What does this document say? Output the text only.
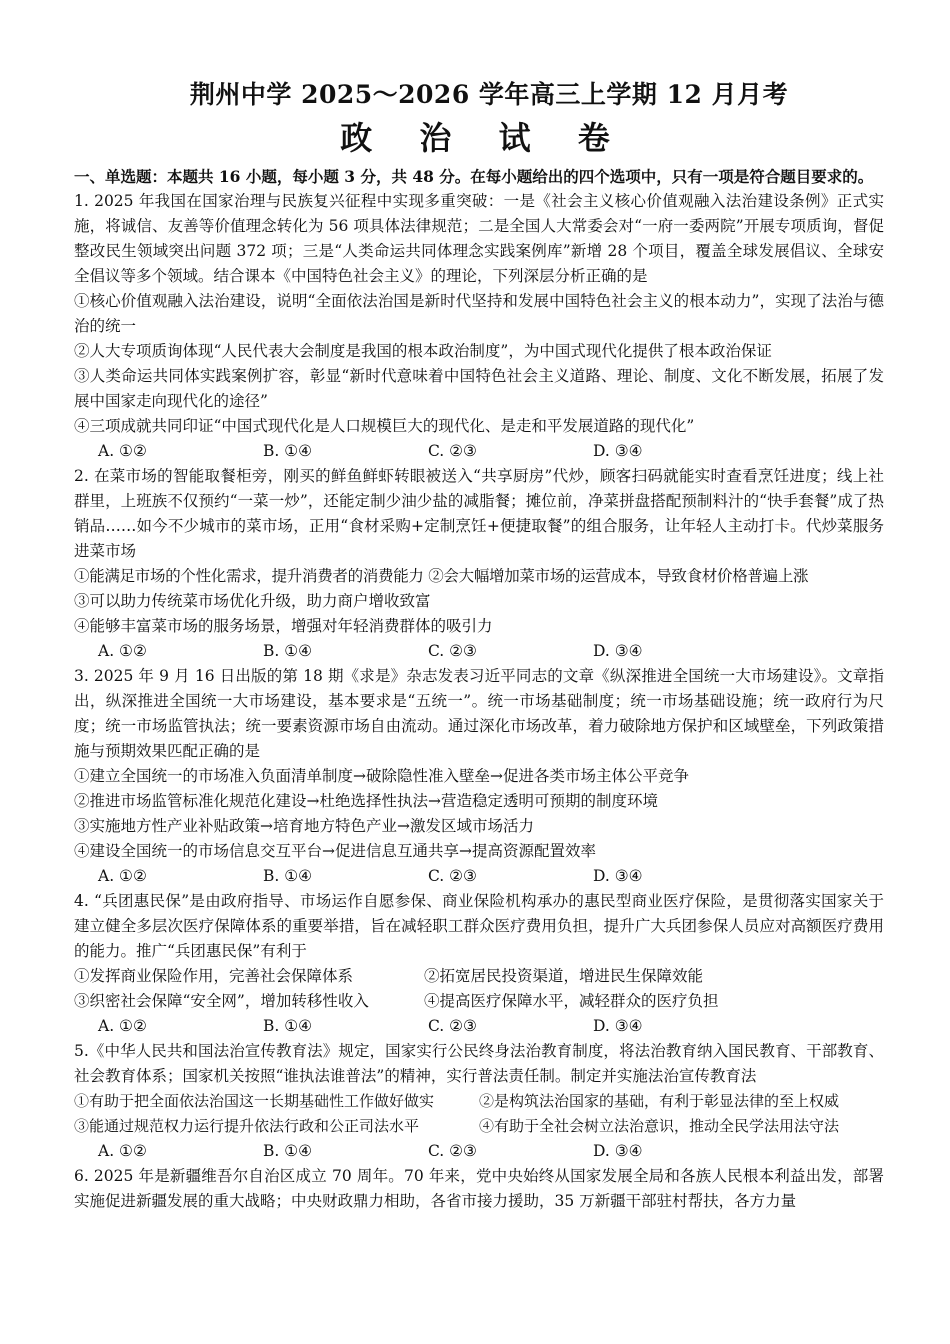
荆州中学 2025～2026 学年高三上学期 12 月月考
政 治 试 卷
一、单选题：本题共 16 小题，每小题 3 分，共 48 分。在每小题给出的四个选项中，只有一项是符合题目要求的。
1. 2025 年我国在国家治理与民族复兴征程中实现多重突破：一是《社会主义核心价值观融入法治建设条例》正式实施，将诚信、友善等价值理念转化为 56 项具体法律规范；二是全国人大常委会对“一府一委两院”开展专项质询，督促整改民生领域突出问题 372 项；三是“人类命运共同体理念实践案例库”新增 28 个项目，覆盖全球发展倡议、全球安全倡议等多个领域。结合课本《中国特色社会主义》的理论，下列深层分析正确的是
①核心价值观融入法治建设，说明“全面依法治国是新时代坚持和发展中国特色社会主义的根本动力”，实现了法治与德治的统一
②人大专项质询体现“人民代表大会制度是我国的根本政治制度”，为中国式现代化提供了根本政治保证
③人类命运共同体实践案例扩容，彰显“新时代意味着中国特色社会主义道路、理论、制度、文化不断发展，拓展了发展中国家走向现代化的途径”
④三项成就共同印证“中国式现代化是人口规模巨大的现代化、是走和平发展道路的现代化”
A. ①②	B. ①④	C. ②③	D. ③④
2. 在菜市场的智能取餐柜旁，刚买的鲜鱼鲜虾转眼被送入“共享厨房”代炒，顾客扫码就能实时查看烹饪进度；线上社群里，上班族不仅预约“一菜一炒”，还能定制少油少盐的减脂餐；摊位前，净菜拼盘搭配预制料汁的“快手套餐”成了热销品……如今不少城市的菜市场，正用“食材采购+定制烹饪+便捷取餐”的组合服务，让年轻人主动打卡。代炒菜服务进菜市场
①能满足市场的个性化需求，提升消费者的消费能力 ②会大幅增加菜市场的运营成本，导致食材价格普遍上涨
③可以助力传统菜市场优化升级，助力商户增收致富
④能够丰富菜市场的服务场景，增强对年轻消费群体的吸引力
A. ①②	B. ①④	C. ②③	D. ③④
3. 2025 年 9 月 16 日出版的第 18 期《求是》杂志发表习近平同志的文章《纵深推进全国统一大市场建设》。文章指出，纵深推进全国统一大市场建设，基本要求是“五统一”。统一市场基础制度；统一市场基础设施；统一政府行为尺度；统一市场监管执法；统一要素资源市场自由流动。通过深化市场改革，着力破除地方保护和区域壁垒，下列政策措施与预期效果匹配正确的是
①建立全国统一的市场准入负面清单制度→破除隐性准入壁垒→促进各类市场主体公平竞争
②推进市场监管标准化规范化建设→杜绝选择性执法→营造稳定透明可预期的制度环境
③实施地方性产业补贴政策→培育地方特色产业→激发区域市场活力
④建设全国统一的市场信息交互平台→促进信息互通共享→提高资源配置效率
A. ①②	B. ①④	C. ②③	D. ③④
4. “兵团惠民保”是由政府指导、市场运作自愿参保、商业保险机构承办的惠民型商业医疗保险，是贯彻落实国家关于建立健全多层次医疗保障体系的重要举措，旨在减轻职工群众医疗费用负担，提升广大兵团参保人员应对高额医疗费用的能力。推广“兵团惠民保”有利于
①发挥商业保险作用，完善社会保障体系	②拓宽居民投资渠道，增进民生保障效能
③织密社会保障“安全网”，增加转移性收入	④提高医疗保障水平，减轻群众的医疗负担
A. ①②	B. ①④	C. ②③	D. ③④
5.《中华人民共和国法治宣传教育法》规定，国家实行公民终身法治教育制度，将法治教育纳入国民教育、干部教育、社会教育体系；国家机关按照“谁执法谁普法”的精神，实行普法责任制。制定并实施法治宣传教育法
①有助于把全面依法治国这一长期基础性工作做好做实	②是构筑法治国家的基础，有利于彰显法律的至上权威
③能通过规范权力运行提升依法行政和公正司法水平	④有助于全社会树立法治意识，推动全民学法用法守法
A. ①②	B. ①④	C. ②③	D. ③④
6. 2025 年是新疆维吾尔自治区成立 70 周年。70 年来，党中央始终从国家发展全局和各族人民根本利益出发，部署实施促进新疆发展的重大战略；中央财政鼎力相助，各省市接力援助，35 万新疆干部驻村帮扶，各方力量
